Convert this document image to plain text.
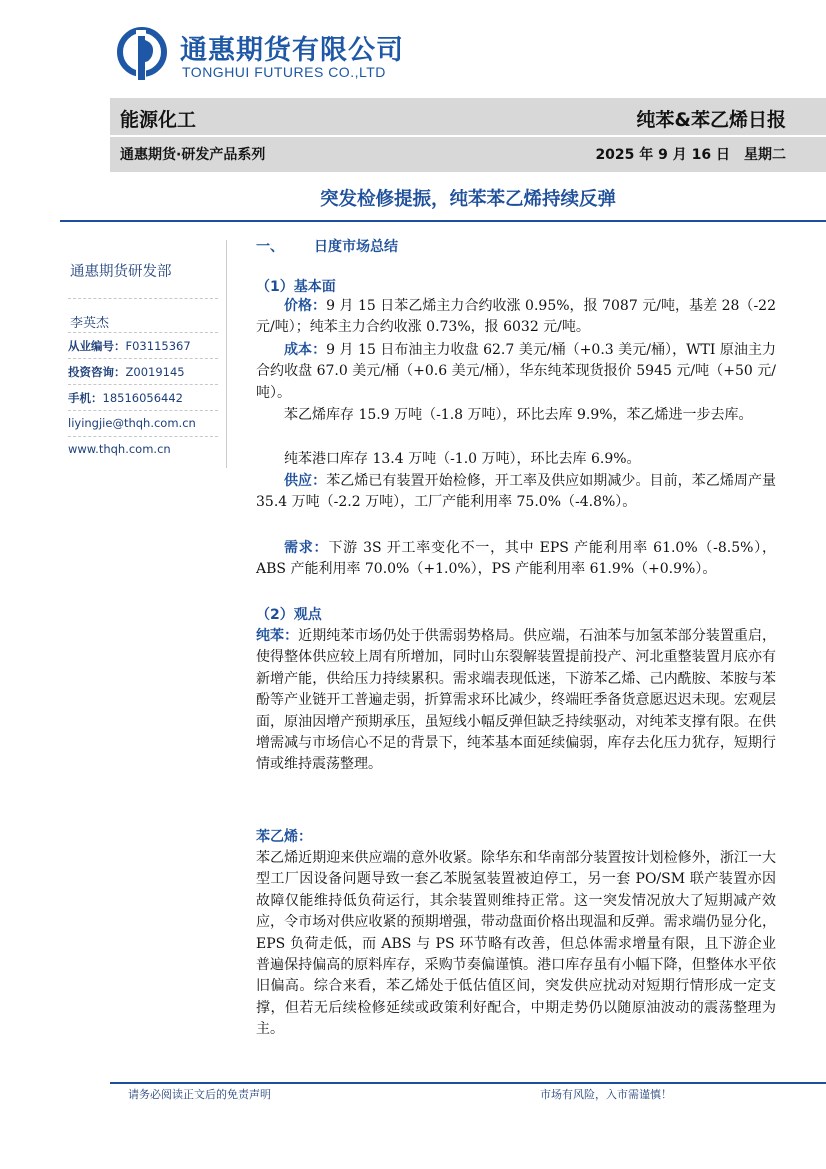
通惠期货有限公司
TONGHUI FUTURES CO.,LTD
能源化工	纯苯&苯乙烯日报
通惠期货·研发产品系列	2025 年 9 月 16 日　星期二
突发检修提振，纯苯苯乙烯持续反弹
通惠期货研发部
李英杰
从业编号：F03115367
投资咨询：Z0019145
手机：18516056442
liyingjie@thqh.com.cn
www.thqh.com.cn
一、 日度市场总结
（1）基本面

价格：9 月 15 日苯乙烯主力合约收涨 0.95%，报 7087 元/吨，基差 28（-22 元/吨）；纯苯主力合约收涨 0.73%，报 6032 元/吨。

成本：9 月 15 日布油主力收盘 62.7 美元/桶（+0.3 美元/桶），WTI 原油主力合约收盘 67.0 美元/桶（+0.6 美元/桶），华东纯苯现货报价 5945 元/吨（+50 元/吨）。

苯乙烯库存 15.9 万吨（-1.8 万吨），环比去库 9.9%，苯乙烯进一步去库。

纯苯港口库存 13.4 万吨（-1.0 万吨），环比去库 6.9%。

供应：苯乙烯已有装置开始检修，开工率及供应如期减少。目前，苯乙烯周产量 35.4 万吨（-2.2 万吨），工厂产能利用率 75.0%（-4.8%）。

需求：下游 3S 开工率变化不一，其中 EPS 产能利用率 61.0%（-8.5%），ABS 产能利用率 70.0%（+1.0%），PS 产能利用率 61.9%（+0.9%）。

（2）观点

纯苯：近期纯苯市场仍处于供需弱势格局。供应端，石油苯与加氢苯部分装置重启，使得整体供应较上周有所增加，同时山东裂解装置提前投产、河北重整装置月底亦有新增产能，供给压力持续累积。需求端表现低迷，下游苯乙烯、己内酰胺、苯胺与苯酚等产业链开工普遍走弱，折算需求环比减少，终端旺季备货意愿迟迟未现。宏观层面，原油因增产预期承压，虽短线小幅反弹但缺乏持续驱动，对纯苯支撑有限。在供增需减与市场信心不足的背景下，纯苯基本面延续偏弱，库存去化压力犹存，短期行情或维持震荡整理。

苯乙烯：

苯乙烯近期迎来供应端的意外收紧。除华东和华南部分装置按计划检修外，浙江一大型工厂因设备问题导致一套乙苯脱氢装置被迫停工，另一套 PO/SM 联产装置亦因故障仅能维持低负荷运行，其余装置则维持正常。这一突发情况放大了短期减产效应，令市场对供应收紧的预期增强，带动盘面价格出现温和反弹。需求端仍显分化，EPS 负荷走低，而 ABS 与 PS 环节略有改善，但总体需求增量有限，且下游企业普遍保持偏高的原料库存，采购节奏偏谨慎。港口库存虽有小幅下降，但整体水平依旧偏高。综合来看，苯乙烯处于低估值区间，突发供应扰动对短期行情形成一定支撑，但若无后续检修延续或政策利好配合，中期走势仍以随原油波动的震荡整理为主。

请务必阅读正文后的免责声明	市场有风险，入市需谨慎！
